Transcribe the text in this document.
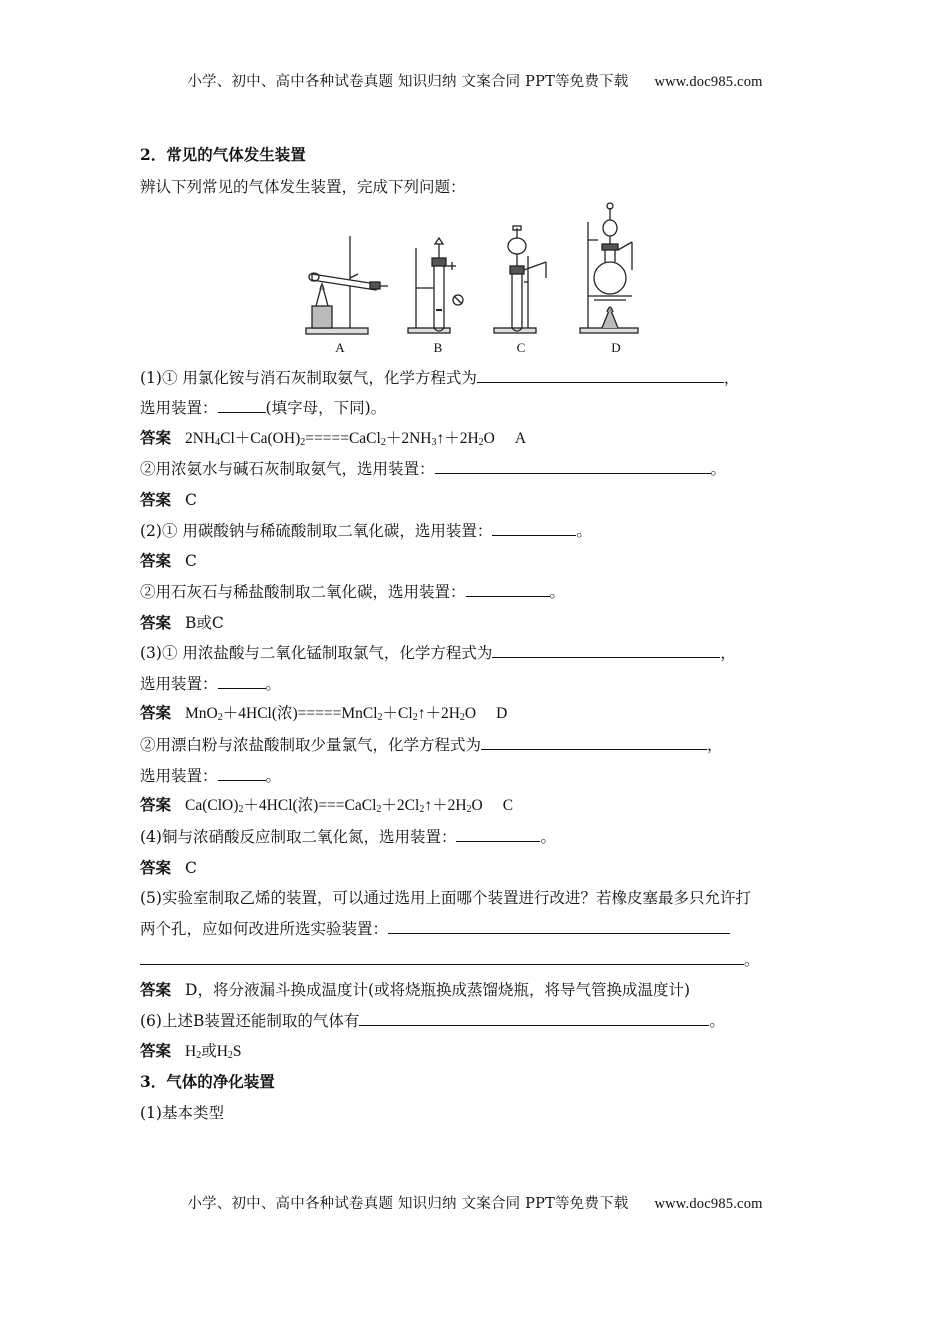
小学、初中、高中各种试卷真题 知识归纳 文案合同 PPT等免费下载 www.doc985.com
2．常见的气体发生装置
辨认下列常见的气体发生装置，完成下列问题：
A	B	C	D
(1)① 用氯化铵与消石灰制取氨气，化学方程式为	，
选用装置：	(填字母，下同)。
答案 $2NH_4Cl+Ca(OH)_2=====CaCl_2+2NH_3↑+2H_2O$ A
②用浓氨水与碱石灰制取氨气，选用装置：	。
答案 C
(2)① 用碳酸钠与稀硫酸制取二氧化碳，选用装置：	。
答案 C
②用石灰石与稀盐酸制取二氧化碳，选用装置：	。
答案 B或C
(3)① 用浓盐酸与二氧化锰制取氯气，化学方程式为	，
选用装置：	。
答案 MnO$_2$＋4HCl(浓)$=====MnCl_2+Cl_2↑+2H_2O$ D
②用漂白粉与浓盐酸制取少量氯气，化学方程式为	，
选用装置：	。
答案 $Ca(ClO)_2+4HCl$(浓)$===CaCl_2+2Cl_2↑+2H_2O$ C
(4)铜与浓硝酸反应制取二氧化氮，选用装置：	。
答案 C
(5)实验室制取乙烯的装置，可以通过选用上面哪个装置进行改进？若橡皮塞最多只允许打
两个孔，应如何改进所选实验装置：
。
答案 D，将分液漏斗换成温度计(或将烧瓶换成蒸馏烧瓶，将导气管换成温度计)
(6)上述B装置还能制取的气体有	。
答案 $H_2$或$H_2S$
3．气体的净化装置
(1)基本类型
小学、初中、高中各种试卷真题 知识归纳 文案合同 PPT等免费下载 www.doc985.com
